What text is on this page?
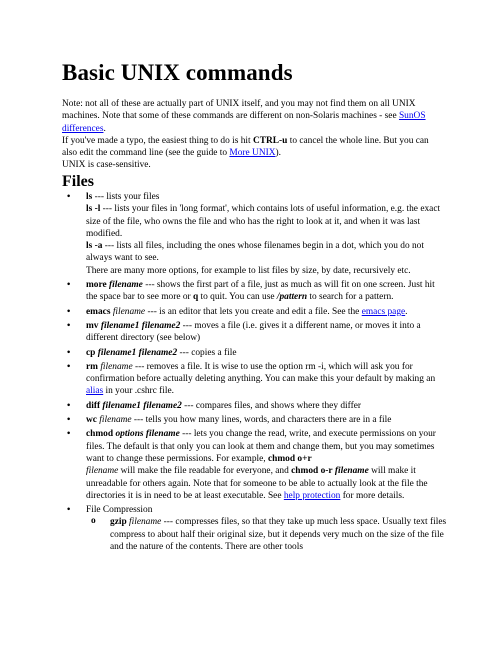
Basic UNIX commands

Note: not all of these are actually part of UNIX itself, and you may not find them on all UNIX machines. Note that some of these commands are different on non-Solaris machines - see SunOS differences.

If you've made a typo, the easiest thing to do is hit CTRL-u to cancel the whole line. But you can also edit the command line (see the guide to More UNIX).

UNIX is case-sensitive.

Files

• ls --- lists your files

ls -l --- lists your files in 'long format', which contains lots of useful information, e.g. the exact size of the file, who owns the file and who has the right to look at it, and when it was last modified.

ls -a --- lists all files, including the ones whose filenames begin in a dot, which you do not always want to see.

There are many more options, for example to list files by size, by date, recursively etc.

• more filename --- shows the first part of a file, just as much as will fit on one screen. Just hit the space bar to see more or q to quit. You can use /pattern to search for a pattern.
• emacs filename --- is an editor that lets you create and edit a file. See the emacs page.
• mv filename1 filename2 --- moves a file (i.e. gives it a different name, or moves it into a different directory (see below)
• cp filename1 filename2 --- copies a file
• rm filename --- removes a file. It is wise to use the option rm -i, which will ask you for confirmation before actually deleting anything. You can make this your default by making an alias in your .cshrc file.
• diff filename1 filename2 --- compares files, and shows where they differ
• wc filename --- tells you how many lines, words, and characters there are in a file
• chmod options filename --- lets you change the read, write, and execute permissions on your files. The default is that only you can look at them and change them, but you may sometimes want to change these permissions. For example, chmod o+r
filename will make the file readable for everyone, and chmod o-r filename will make it unreadable for others again. Note that for someone to be able to actually look at the file the directories it is in need to be at least executable. See help protection for more details.
• File Compression
o gzip filename --- compresses files, so that they take up much less space. Usually text files compress to about half their original size, but it depends very much on the size of the file and the nature of the contents. There are other tools
